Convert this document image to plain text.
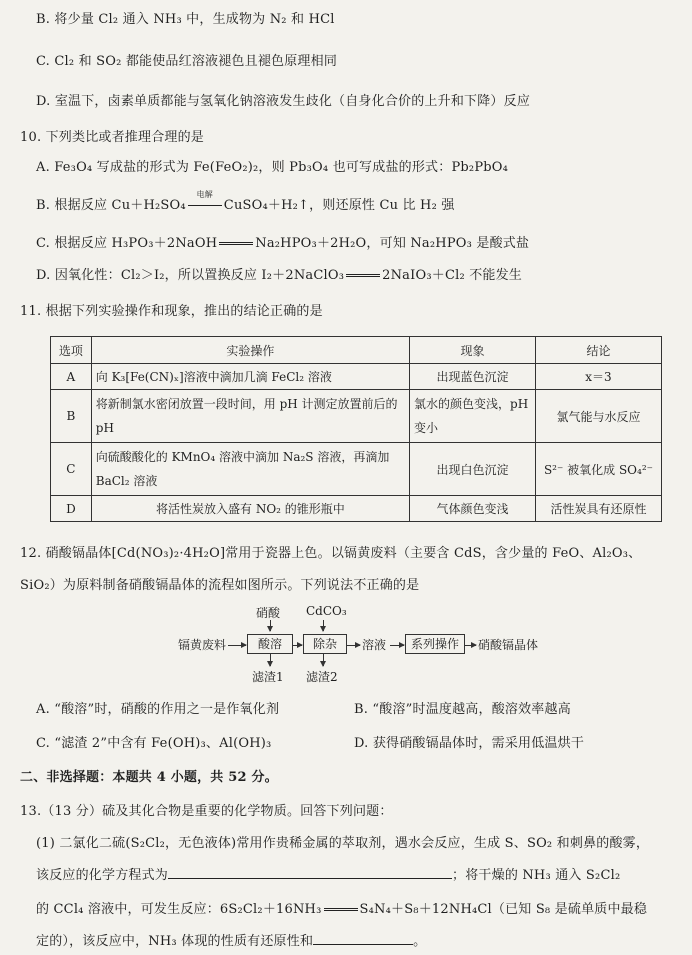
B. 将少量 Cl₂ 通入 NH₃ 中，生成物为 N₂ 和 HCl
C. Cl₂ 和 SO₂ 都能使品红溶液褪色且褪色原理相同
D. 室温下，卤素单质都能与氢氧化钠溶液发生歧化（自身化合价的上升和下降）反应
10. 下列类比或者推理合理的是
A. Fe₃O₄ 写成盐的形式为 Fe(FeO₂)₂，则 Pb₃O₄ 也可写成盐的形式：Pb₂PbO₄
B. 根据反应 Cu＋H₂SO₄
电解
CuSO₄＋H₂↑，则还原性 Cu 比 H₂ 强
C. 根据反应 H₃PO₃＋2NaOH	Na₂HPO₃＋2H₂O，可知 Na₂HPO₃ 是酸式盐
D. 因氧化性：Cl₂＞I₂，所以置换反应 I₂＋2NaClO₃	2NaIO₃＋Cl₂ 不能发生
11. 根据下列实验操作和现象，推出的结论正确的是
选项	实验操作	现象	结论
A	向 K₃[Fe(CN)ₓ]溶液中滴加几滴 FeCl₂ 溶液	出现蓝色沉淀	x＝3
B	将新制氯水密闭放置一段时间，用 pH 计测定放置前后的 pH	氯水的颜色变浅，pH 变小	氯气能与水反应
C	向硫酸酸化的 KMnO₄ 溶液中滴加 Na₂S 溶液，再滴加 BaCl₂ 溶液	出现白色沉淀	S²⁻ 被氧化成 SO₄²⁻
D	将活性炭放入盛有 NO₂ 的锥形瓶中	气体颜色变浅	活性炭具有还原性
12. 硝酸镉晶体[Cd(NO₃)₂·4H₂O]常用于瓷器上色。以镉黄废料（主要含 CdS，含少量的 FeO、Al₂O₃、
SiO₂）为原料制备硝酸镉晶体的流程如图所示。下列说法不正确的是
硝酸 CdCO₃
镉黄废料	酸溶	除杂	溶液	系列操作	硝酸镉晶体
滤渣1 滤渣2
A. “酸溶”时，硝酸的作用之一是作氧化剂	B. “酸溶”时温度越高，酸溶效率越高
C. “滤渣 2”中含有 Fe(OH)₃、Al(OH)₃	D. 获得硝酸镉晶体时，需采用低温烘干
二、非选择题：本题共 4 小题，共 52 分。
13.（13 分）硫及其化合物是重要的化学物质。回答下列问题：
(1) 二氯化二硫(S₂Cl₂，无色液体)常用作贵稀金属的萃取剂，遇水会反应，生成 S、SO₂ 和刺鼻的酸雾，
该反应的化学方程式为	；将干燥的 NH₃ 通入 S₂Cl₂
的 CCl₄ 溶液中，可发生反应：6S₂Cl₂＋16NH₃	S₄N₄＋S₈＋12NH₄Cl（已知 S₈ 是硫单质中最稳
定的），该反应中，NH₃ 体现的性质有还原性和	。
